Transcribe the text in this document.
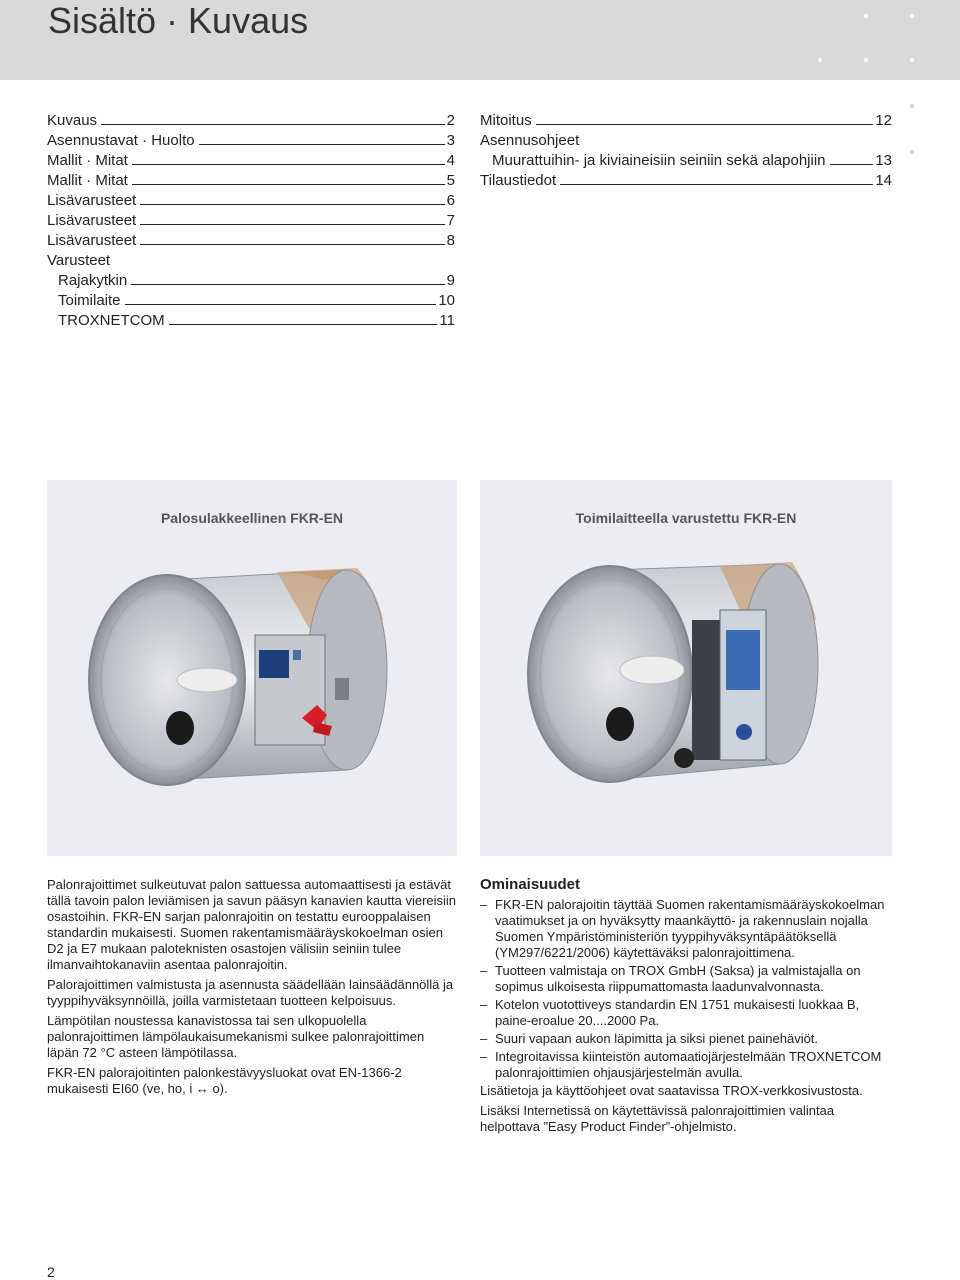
Sisältö · Kuvaus
Kuvaus	2
Asennustavat · Huolto	3
Mallit · Mitat	4
Mallit · Mitat	5
Lisävarusteet	6
Lisävarusteet	7
Lisävarusteet	8
Varusteet
Rajakytkin	9
Toimilaite	10
TROXNETCOM	11
Mitoitus	12
Asennusohjeet
Muurattuihin- ja kiviaineisiin seiniin sekä alapohjiin	13
Tilaustiedot	14
Palosulakkeellinen FKR-EN	Toimilaitteella varustettu FKR-EN

Palonrajoittimet sulkeutuvat palon sattuessa automaattisesti ja estävät tällä tavoin palon leviämisen ja savun pääsyn kanavien kautta viereisiin osastoihin. FKR-EN sarjan palonrajoitin on testattu eurooppalaisen standardin mukaisesti. Suomen rakentamismääräyskokoelman osien D2 ja E7 mukaan paloteknisten osastojen välisiin seiniin tulee ilmanvaihtokanaviin asentaa palonrajoitin.

Palorajoittimen valmistusta ja asennusta säädellään lainsäädännöllä ja tyyppihyväksynnöillä, joilla varmistetaan tuotteen kelpoisuus.

Lämpötilan noustessa kanavistossa tai sen ulkopuolella palonrajoittimen lämpölaukaisumekanismi sulkee palonrajoittimen läpän 72 °C asteen lämpötilassa.

FKR-EN palorajoitinten palonkestävyysluokat ovat EN-1366-2 mukaisesti EI60 (ve, ho, i ↔ o).

Ominaisuudet
– FKR-EN palorajoitin täyttää Suomen rakentamismääräyskokoelman vaatimukset ja on hyväksytty maankäyttö- ja rakennuslain nojalla Suomen Ympäristöministeriön tyyppihyväksyntäpäätöksellä (YM297/6221/2006) käytettäväksi palonrajoittimena.
– Tuotteen valmistaja on TROX GmbH (Saksa) ja valmistajalla on sopimus ulkoisesta riippumattomasta laadunvalvonnasta.
– Kotelon vuotottiveys standardin EN 1751 mukaisesti luokkaa B, paine-eroalue 20....2000 Pa.
– Suuri vapaan aukon läpimitta ja siksi pienet painehäviöt.
– Integroitavissa kiinteistön automaatiojärjestelmään TROXNETCOM palonrajoittimien ohjausjärjestelmän avulla.

Lisätietoja ja käyttöohjeet ovat saatavissa TROX-verkkosivustosta.

Lisäksi Internetissä on käytettävissä palonrajoittimien valintaa helpottava ”Easy Product Finder”-ohjelmisto.

2
